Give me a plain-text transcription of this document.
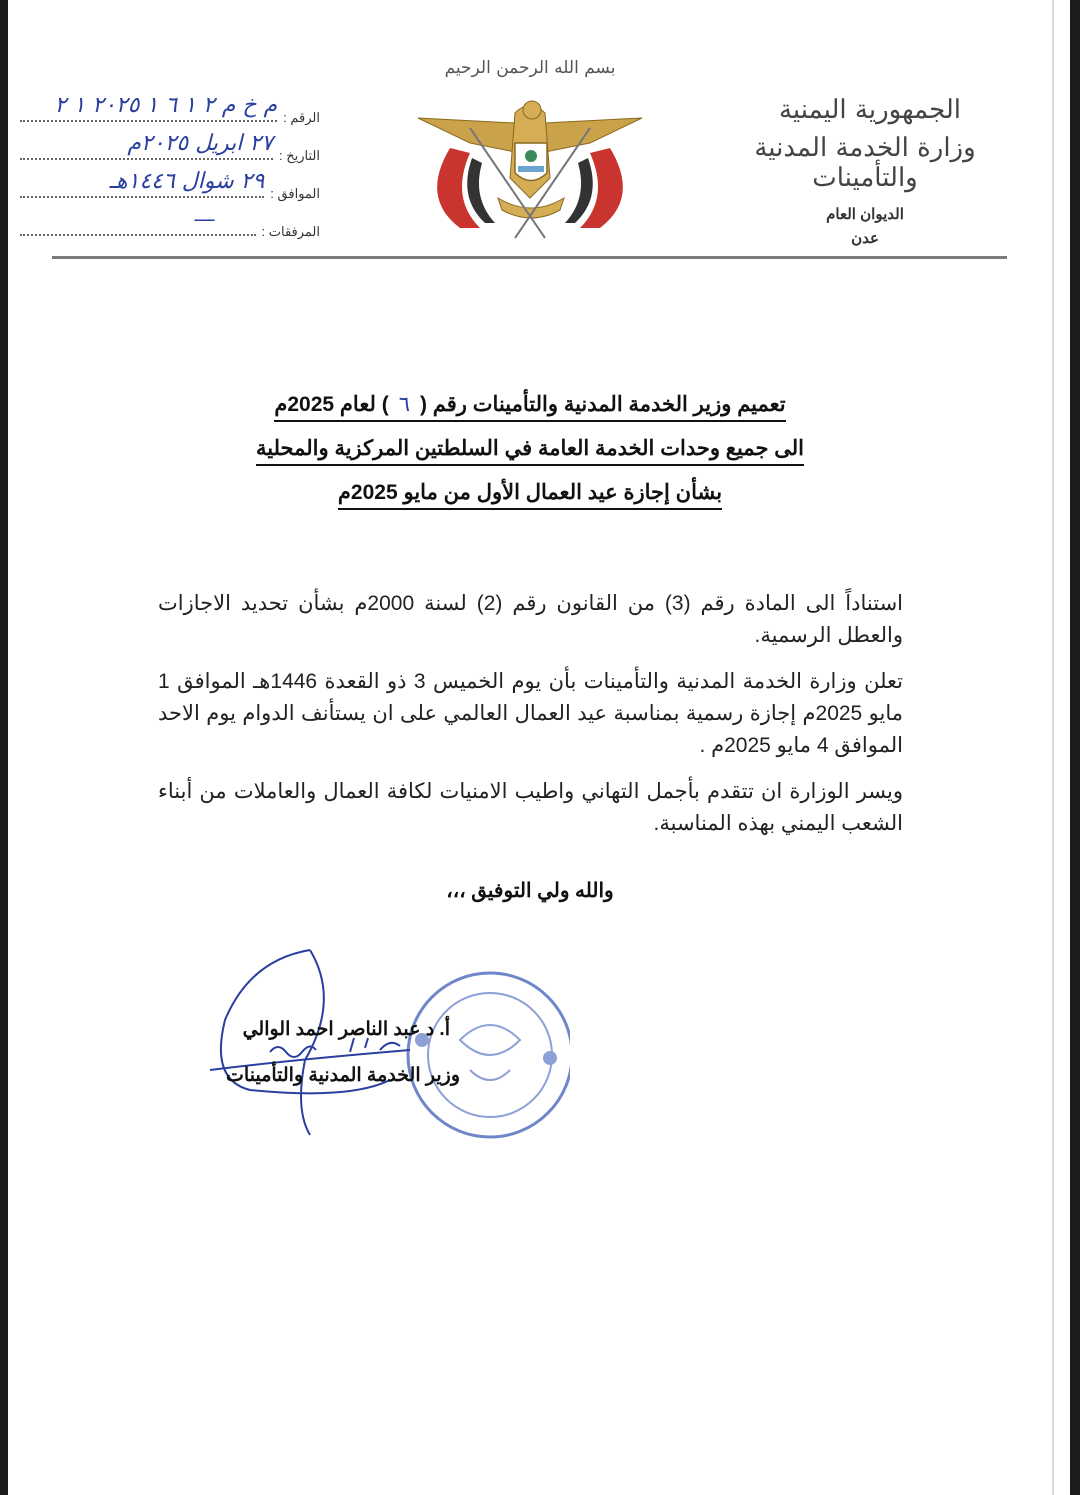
الجمهورية اليمنية
وزارة الخدمة المدنية والتأمينات
الديوان العام
عدن
بسم الله الرحمن الرحيم
الرقم :
م خ م ٢ ١ ٦ ١ ٢٠٢٥ ١ ٢
التاريخ :
٢٧ ابريل ٢٠٢٥م
الموافق :
٢٩ شوال ١٤٤٦هـ
المرفقات :
—
تعميم وزير الخدمة المدنية والتأمينات رقم (٦) لعام 2025م
الى جميع وحدات الخدمة العامة في السلطتين المركزية والمحلية
بشأن إجازة عيد العمال الأول من مايو 2025م

استناداً الى المادة رقم (3) من القانون رقم (2) لسنة 2000م بشأن تحديد الاجازات والعطل الرسمية.

تعلن وزارة الخدمة المدنية والتأمينات بأن يوم الخميس 3 ذو القعدة 1446هـ الموافق 1 مايو 2025م إجازة رسمية بمناسبة عيد العمال العالمي على ان يستأنف الدوام يوم الاحد الموافق 4 مايو 2025م .

ويسر الوزارة ان تتقدم بأجمل التهاني واطيب الامنيات لكافة العمال والعاملات من أبناء الشعب اليمني بهذه المناسبة.

والله ولي التوفيق ،،،
أ. د عبد الناصر احمد الوالي
وزير الخدمة المدنية والتأمينات
